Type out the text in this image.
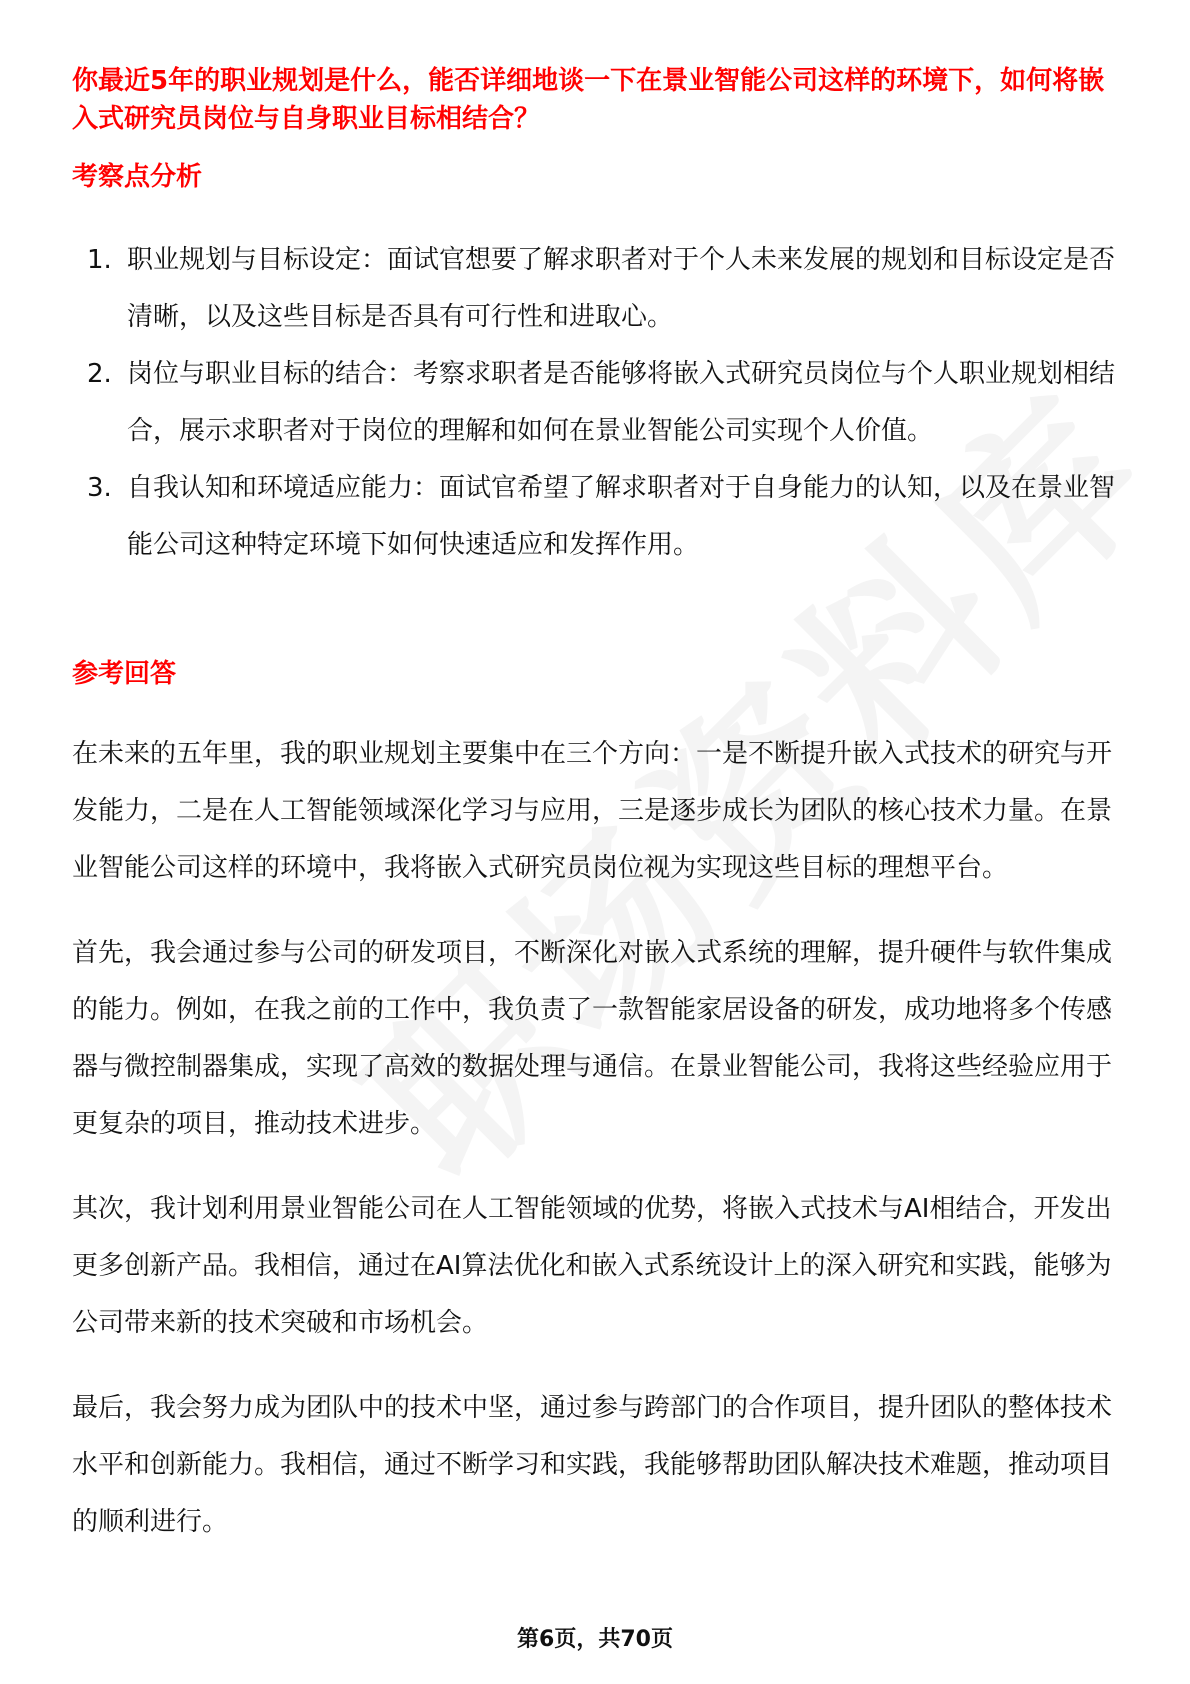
你最近5年的职业规划是什么，能否详细地谈一下在景业智能公司这样的环境下，如何将嵌入式研究员岗位与自身职业目标相结合？
考察点分析
1. 职业规划与目标设定：面试官想要了解求职者对于个人未来发展的规划和目标设定是否清晰，以及这些目标是否具有可行性和进取心。
2. 岗位与职业目标的结合：考察求职者是否能够将嵌入式研究员岗位与个人职业规划相结合，展示求职者对于岗位的理解和如何在景业智能公司实现个人价值。
3. 自我认知和环境适应能力：面试官希望了解求职者对于自身能力的认知，以及在景业智能公司这种特定环境下如何快速适应和发挥作用。
参考回答

在未来的五年里，我的职业规划主要集中在三个方向：一是不断提升嵌入式技术的研究与开发能力，二是在人工智能领域深化学习与应用，三是逐步成长为团队的核心技术力量。在景业智能公司这样的环境中，我将嵌入式研究员岗位视为实现这些目标的理想平台。

首先，我会通过参与公司的研发项目，不断深化对嵌入式系统的理解，提升硬件与软件集成的能力。例如，在我之前的工作中，我负责了一款智能家居设备的研发，成功地将多个传感器与微控制器集成，实现了高效的数据处理与通信。在景业智能公司，我将这些经验应用于更复杂的项目，推动技术进步。

其次，我计划利用景业智能公司在人工智能领域的优势，将嵌入式技术与AI相结合，开发出更多创新产品。我相信，通过在AI算法优化和嵌入式系统设计上的深入研究和实践，能够为公司带来新的技术突破和市场机会。

最后，我会努力成为团队中的技术中坚，通过参与跨部门的合作项目，提升团队的整体技术水平和创新能力。我相信，通过不断学习和实践，我能够帮助团队解决技术难题，推动项目的顺利进行。

第6页，共70页
